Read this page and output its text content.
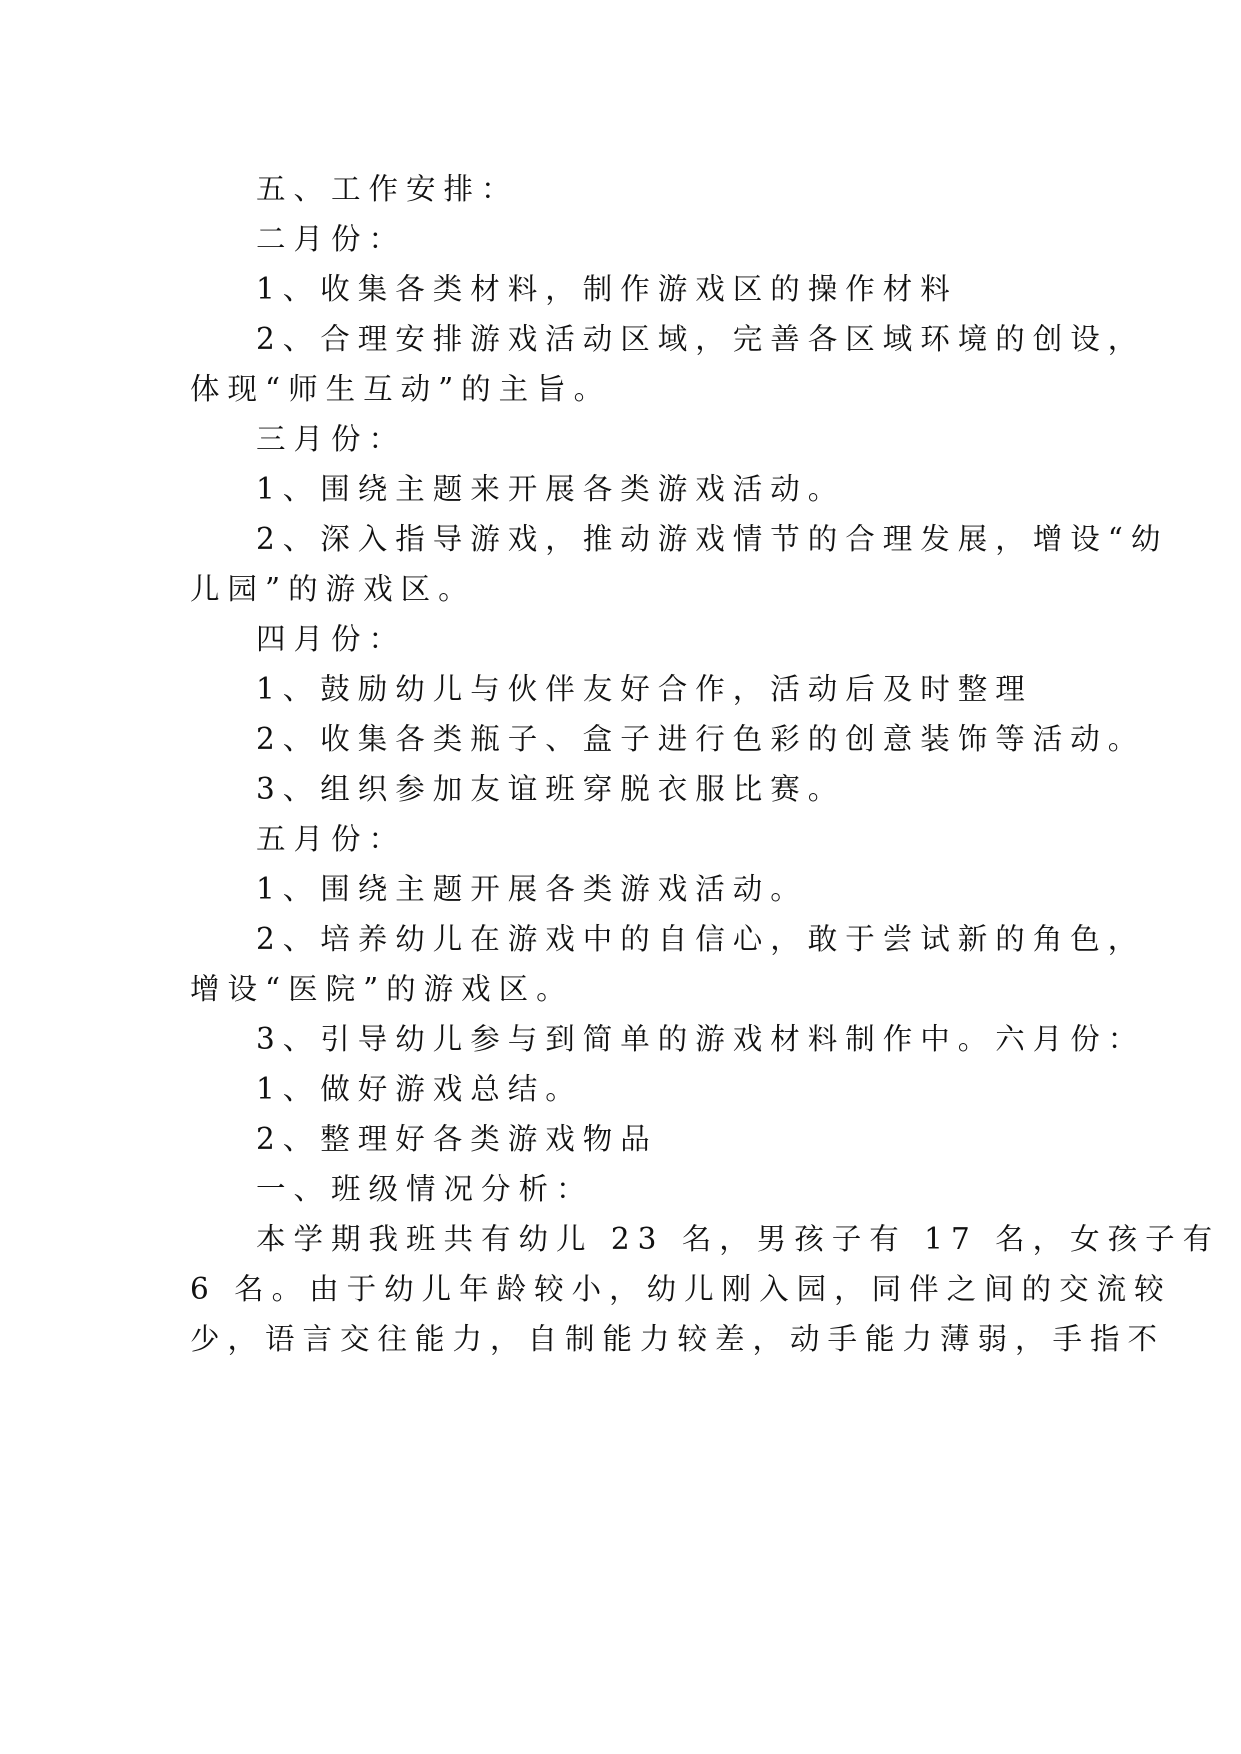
五、工作安排：
二月份：
1、收集各类材料，制作游戏区的操作材料
2、合理安排游戏活动区域，完善各区域环境的创设，
体现“师生互动”的主旨。
三月份：
1、围绕主题来开展各类游戏活动。
2、深入指导游戏，推动游戏情节的合理发展，增设“幼
儿园”的游戏区。
四月份：
1、鼓励幼儿与伙伴友好合作，活动后及时整理
2、收集各类瓶子、盒子进行色彩的创意装饰等活动。
3、组织参加友谊班穿脱衣服比赛。
五月份：
1、围绕主题开展各类游戏活动。
2、培养幼儿在游戏中的自信心，敢于尝试新的角色，
增设“医院”的游戏区。
3、引导幼儿参与到简单的游戏材料制作中。六月份：
1、做好游戏总结。
2、整理好各类游戏物品
一、班级情况分析：
本学期我班共有幼儿 23 名，男孩子有 17 名，女孩子有
6 名。由于幼儿年龄较小，幼儿刚入园，同伴之间的交流较
少，语言交往能力，自制能力较差，动手能力薄弱，手指不
